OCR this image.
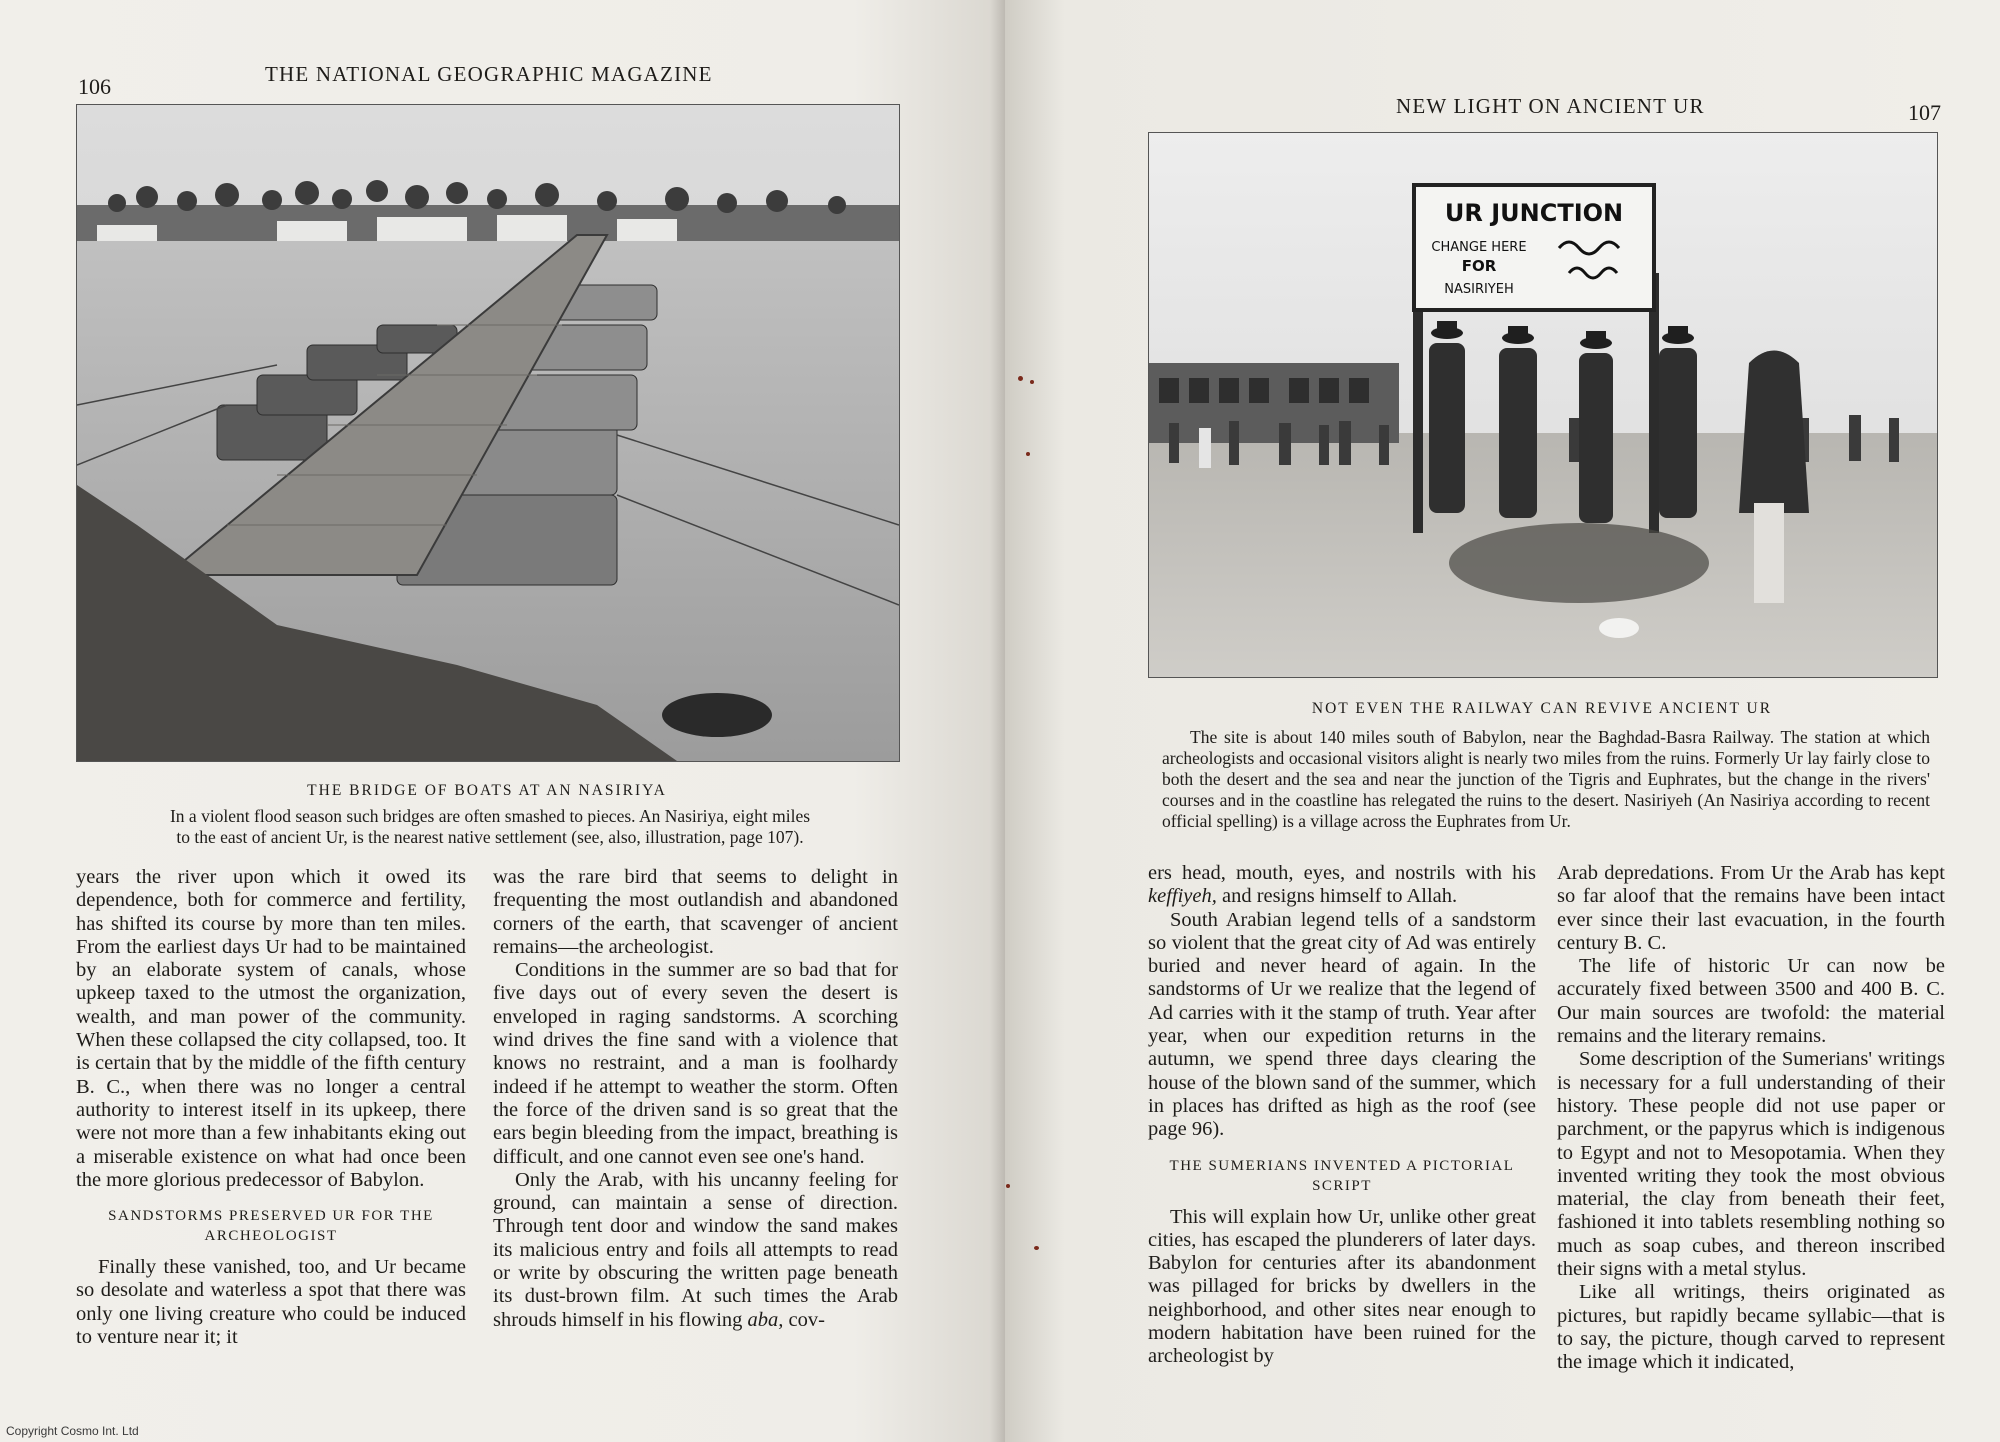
106	THE NATIONAL GEOGRAPHIC MAGAZINE
THE BRIDGE OF BOATS AT AN NASIRIYA
In a violent flood season such bridges are often smashed to pieces. An Nasiriya, eight miles
to the east of ancient Ur, is the nearest native settlement (see, also, illustration, page 107).

years the river upon which it owed its dependence, both for commerce and fertility, has shifted its course by more than ten miles. From the earliest days Ur had to be maintained by an elaborate system of canals, whose upkeep taxed to the utmost the organization, wealth, and man power of the community. When these collapsed the city collapsed, too. It is certain that by the middle of the fifth century B. C., when there was no longer a central authority to interest itself in its upkeep, there were not more than a few inhabitants eking out a miserable existence on what had once been the more glorious predecessor of Babylon.

SANDSTORMS PRESERVED UR FOR THE
ARCHEOLOGIST

Finally these vanished, too, and Ur became so desolate and waterless a spot that there was only one living creature who could be induced to venture near it; it

was the rare bird that seems to delight in frequenting the most outlandish and abandoned corners of the earth, that scavenger of ancient remains—the archeologist.

Conditions in the summer are so bad that for five days out of every seven the desert is enveloped in raging sandstorms. A scorching wind drives the fine sand with a violence that knows no restraint, and a man is foolhardy indeed if he attempt to weather the storm. Often the force of the driven sand is so great that the ears begin bleeding from the impact, breathing is difficult, and one cannot even see one's hand.

Only the Arab, with his uncanny feeling for ground, can maintain a sense of direction. Through tent door and window the sand makes its malicious entry and foils all attempts to read or write by obscuring the written page beneath its dust-brown film. At such times the Arab shrouds himself in his flowing aba, cov-

NEW LIGHT ON ANCIENT UR	107
UR JUNCTION
CHANGE HERE
FOR
NASIRIYEH
NOT EVEN THE RAILWAY CAN REVIVE ANCIENT UR
The site is about 140 miles south of Babylon, near the Baghdad-Basra Railway. The station at which archeologists and occasional visitors alight is nearly two miles from the ruins. Formerly Ur lay fairly close to both the desert and the sea and near the junction of the Tigris and Euphrates, but the change in the rivers' courses and in the coastline has relegated the ruins to the desert. Nasiriyeh (An Nasiriya according to recent official spelling) is a village across the Euphrates from Ur.

ers head, mouth, eyes, and nostrils with his keffiyeh, and resigns himself to Allah.

South Arabian legend tells of a sandstorm so violent that the great city of Ad was entirely buried and never heard of again. In the sandstorms of Ur we realize that the legend of Ad carries with it the stamp of truth. Year after year, when our expedition returns in the autumn, we spend three days clearing the house of the blown sand of the summer, which in places has drifted as high as the roof (see page 96).

THE SUMERIANS INVENTED A PICTORIAL
SCRIPT

This will explain how Ur, unlike other great cities, has escaped the plunderers of later days. Babylon for centuries after its abandonment was pillaged for bricks by dwellers in the neighborhood, and other sites near enough to modern habitation have been ruined for the archeologist by

Arab depredations. From Ur the Arab has kept so far aloof that the remains have been intact ever since their last evacuation, in the fourth century B. C.

The life of historic Ur can now be accurately fixed between 3500 and 400 B. C. Our main sources are twofold: the material remains and the literary remains.

Some description of the Sumerians' writings is necessary for a full understanding of their history. These people did not use paper or parchment, or the papyrus which is indigenous to Egypt and not to Mesopotamia. When they invented writing they took the most obvious material, the clay from beneath their feet, fashioned it into tablets resembling nothing so much as soap cubes, and thereon inscribed their signs with a metal stylus.

Like all writings, theirs originated as pictures, but rapidly became syllabic—that is to say, the picture, though carved to represent the image which it indicated,

Copyright Cosmo Int. Ltd
